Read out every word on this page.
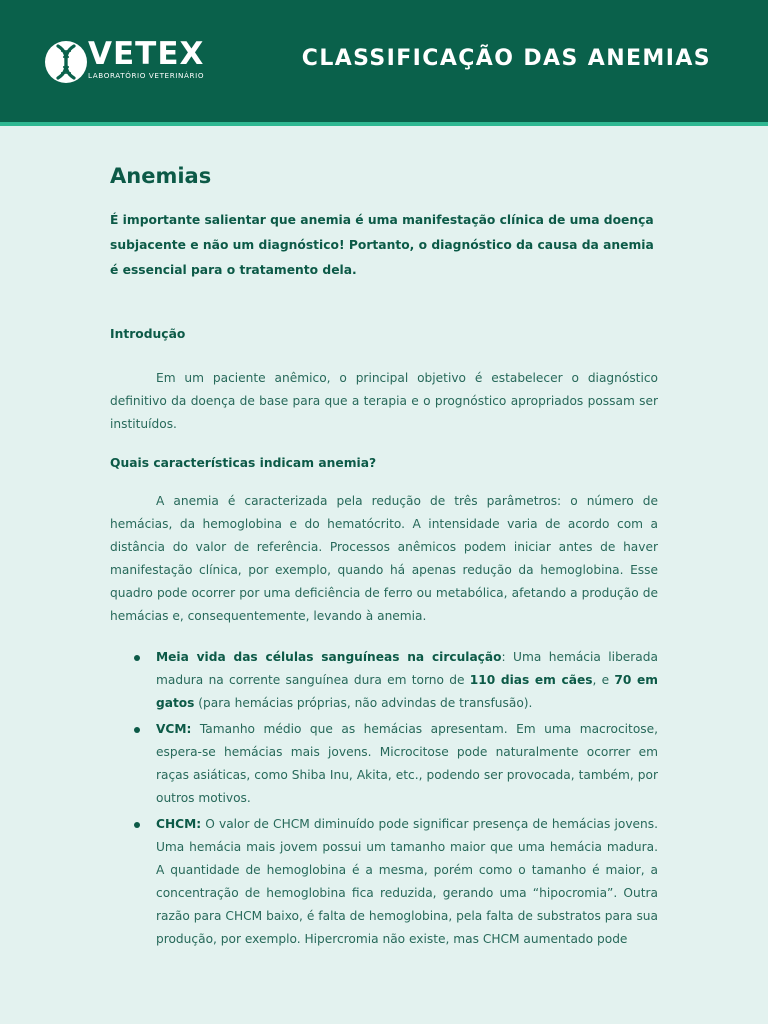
VETEX
LABORATÓRIO VETERINÁRIO
CLASSIFICAÇÃO DAS ANEMIAS
Anemias

É importante salientar que anemia é uma manifestação clínica de uma doença subjacente e não um diagnóstico! Portanto, o diagnóstico da causa da anemia é essencial para o tratamento dela.

Introdução

Em um paciente anêmico, o principal objetivo é estabelecer o diagnóstico definitivo da doença de base para que a terapia e o prognóstico apropriados possam ser instituídos.

Quais características indicam anemia?

A anemia é caracterizada pela redução de três parâmetros: o número de hemácias, da hemoglobina e do hematócrito. A intensidade varia de acordo com a distância do valor de referência. Processos anêmicos podem iniciar antes de haver manifestação clínica, por exemplo, quando há apenas redução da hemoglobina. Esse quadro pode ocorrer por uma deficiência de ferro ou metabólica, afetando a produção de hemácias e, consequentemente, levando à anemia.

Meia vida das células sanguíneas na circulação: Uma hemácia liberada madura na corrente sanguínea dura em torno de 110 dias em cães, e 70 em gatos (para hemácias próprias, não advindas de transfusão).
VCM: Tamanho médio que as hemácias apresentam. Em uma macrocitose, espera-se hemácias mais jovens. Microcitose pode naturalmente ocorrer em raças asiáticas, como Shiba Inu, Akita, etc., podendo ser provocada, também, por outros motivos.
CHCM: O valor de CHCM diminuído pode significar presença de hemácias jovens. Uma hemácia mais jovem possui um tamanho maior que uma hemácia madura. A quantidade de hemoglobina é a mesma, porém como o tamanho é maior, a concentração de hemoglobina fica reduzida, gerando uma “hipocromia”. Outra razão para CHCM baixo, é falta de hemoglobina, pela falta de substratos para sua produção, por exemplo. Hipercromia não existe, mas CHCM aumentado pode
